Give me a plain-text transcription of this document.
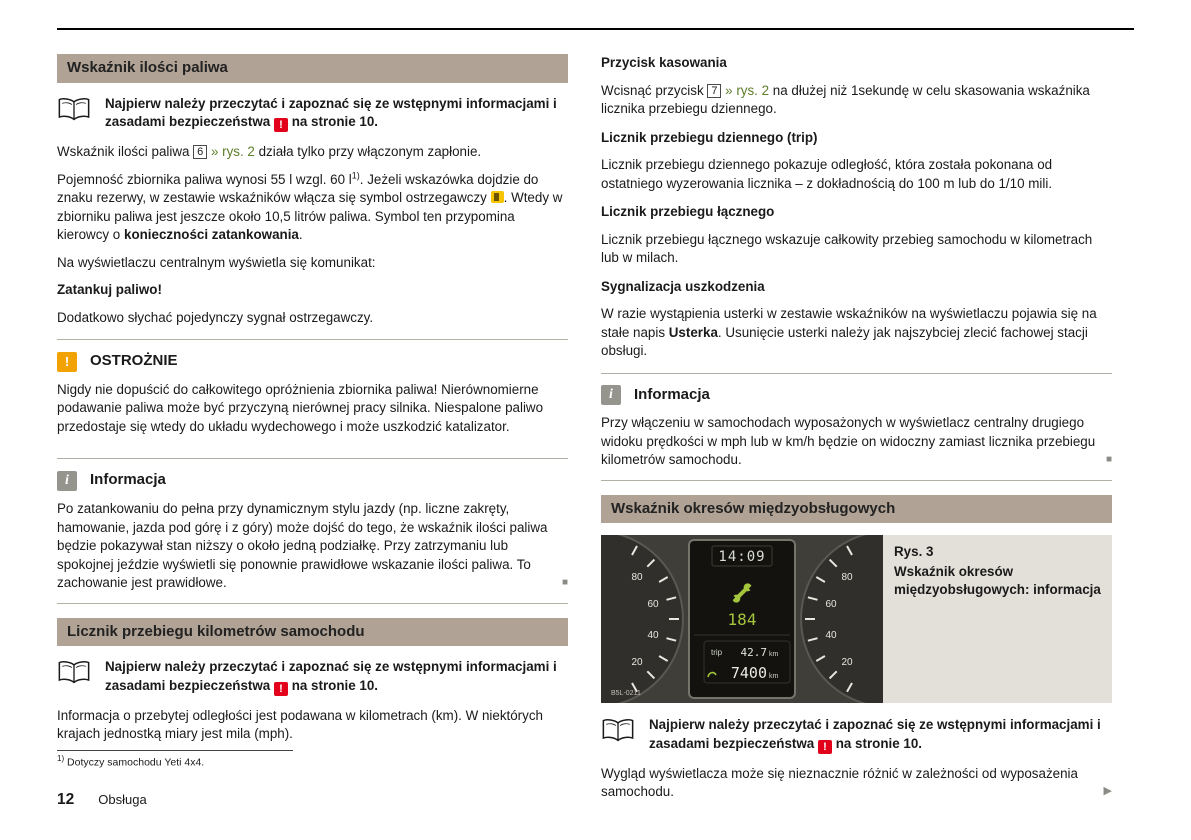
Wskaźnik ilości paliwa

Najpierw należy przeczytać i zapoznać się ze wstępnymi informacjami i zasadami bezpieczeństwa ! na stronie 10.

Wskaźnik ilości paliwa 6 » rys. 2 działa tylko przy włączonym zapłonie.

Pojemność zbiornika paliwa wynosi 55 l wzgl. 60 l$^{1)}$. Jeżeli wskazówka dojdzie do znaku rezerwy, w zestawie wskaźników włącza się symbol ostrzegawczy . Wtedy w zbiorniku paliwa jest jeszcze około 10,5 litrów paliwa. Symbol ten przypomina kierowcy o konieczności zatankowania.

Na wyświetlaczu centralnym wyświetla się komunikat:

Zatankuj paliwo!

Dodatkowo słychać pojedynczy sygnał ostrzegawczy.

!	OSTROŻNIE

Nigdy nie dopuścić do całkowitego opróżnienia zbiornika paliwa! Nierównomierne podawanie paliwa może być przyczyną nierównej pracy silnika. Niespalone paliwo przedostaje się wtedy do układu wydechowego i może uszkodzić katalizator.

i	Informacja

Po zatankowaniu do pełna przy dynamicznym stylu jazdy (np. liczne zakręty, hamowanie, jazda pod górę i z góry) może dojść do tego, że wskaźnik ilości paliwa będzie pokazywał stan niższy o około jedną podziałkę. Przy zatrzymaniu lub spokojnej jeździe wyświetli się ponownie prawidłowe wskazanie ilości paliwa. To zachowanie jest prawidłowe.	■

Licznik przebiegu kilometrów samochodu

Najpierw należy przeczytać i zapoznać się ze wstępnymi informacjami i zasadami bezpieczeństwa ! na stronie 10.

Informacja o przebytej odległości jest podawana w kilometrach (km). W niektórych krajach jednostką miary jest mila (mph).

Przycisk kasowania

Wcisnąć przycisk 7 » rys. 2 na dłużej niż 1sekundę w celu skasowania wskaźnika licznika przebiegu dziennego.

Licznik przebiegu dziennego (trip)

Licznik przebiegu dziennego pokazuje odległość, która została pokonana od ostatniego wyzerowania licznika – z dokładnością do 100 m lub do 1/10 mili.

Licznik przebiegu łącznego

Licznik przebiegu łącznego wskazuje całkowity przebieg samochodu w kilometrach lub w milach.

Sygnalizacja uszkodzenia

W razie wystąpienia usterki w zestawie wskaźników na wyświetlaczu pojawia się na stałe napis Usterka. Usunięcie usterki należy jak najszybciej zlecić fachowej stacji obsługi.

i	Informacja

Przy włączeniu w samochodach wyposażonych w wyświetlacz centralny drugiego widoku prędkości w mph lub w km/h będzie on widoczny zamiast licznika przebiegu kilometrów samochodu.	■

Wskaźnik okresów międzyobsługowych
80
60
40
20
80
60
40
20
14:09
184
trip 42.7 km
7400 km
B5L-0211
Rys. 3
Wskaźnik okresów międzyobsługowych: informacja

Najpierw należy przeczytać i zapoznać się ze wstępnymi informacjami i zasadami bezpieczeństwa ! na stronie 10.

Wygląd wyświetlacza może się nieznacznie różnić w zależności od wyposażenia samochodu.	▶

$^{1)}$ Dotyczy samochodu Yeti 4x4.
12 Obsługa
